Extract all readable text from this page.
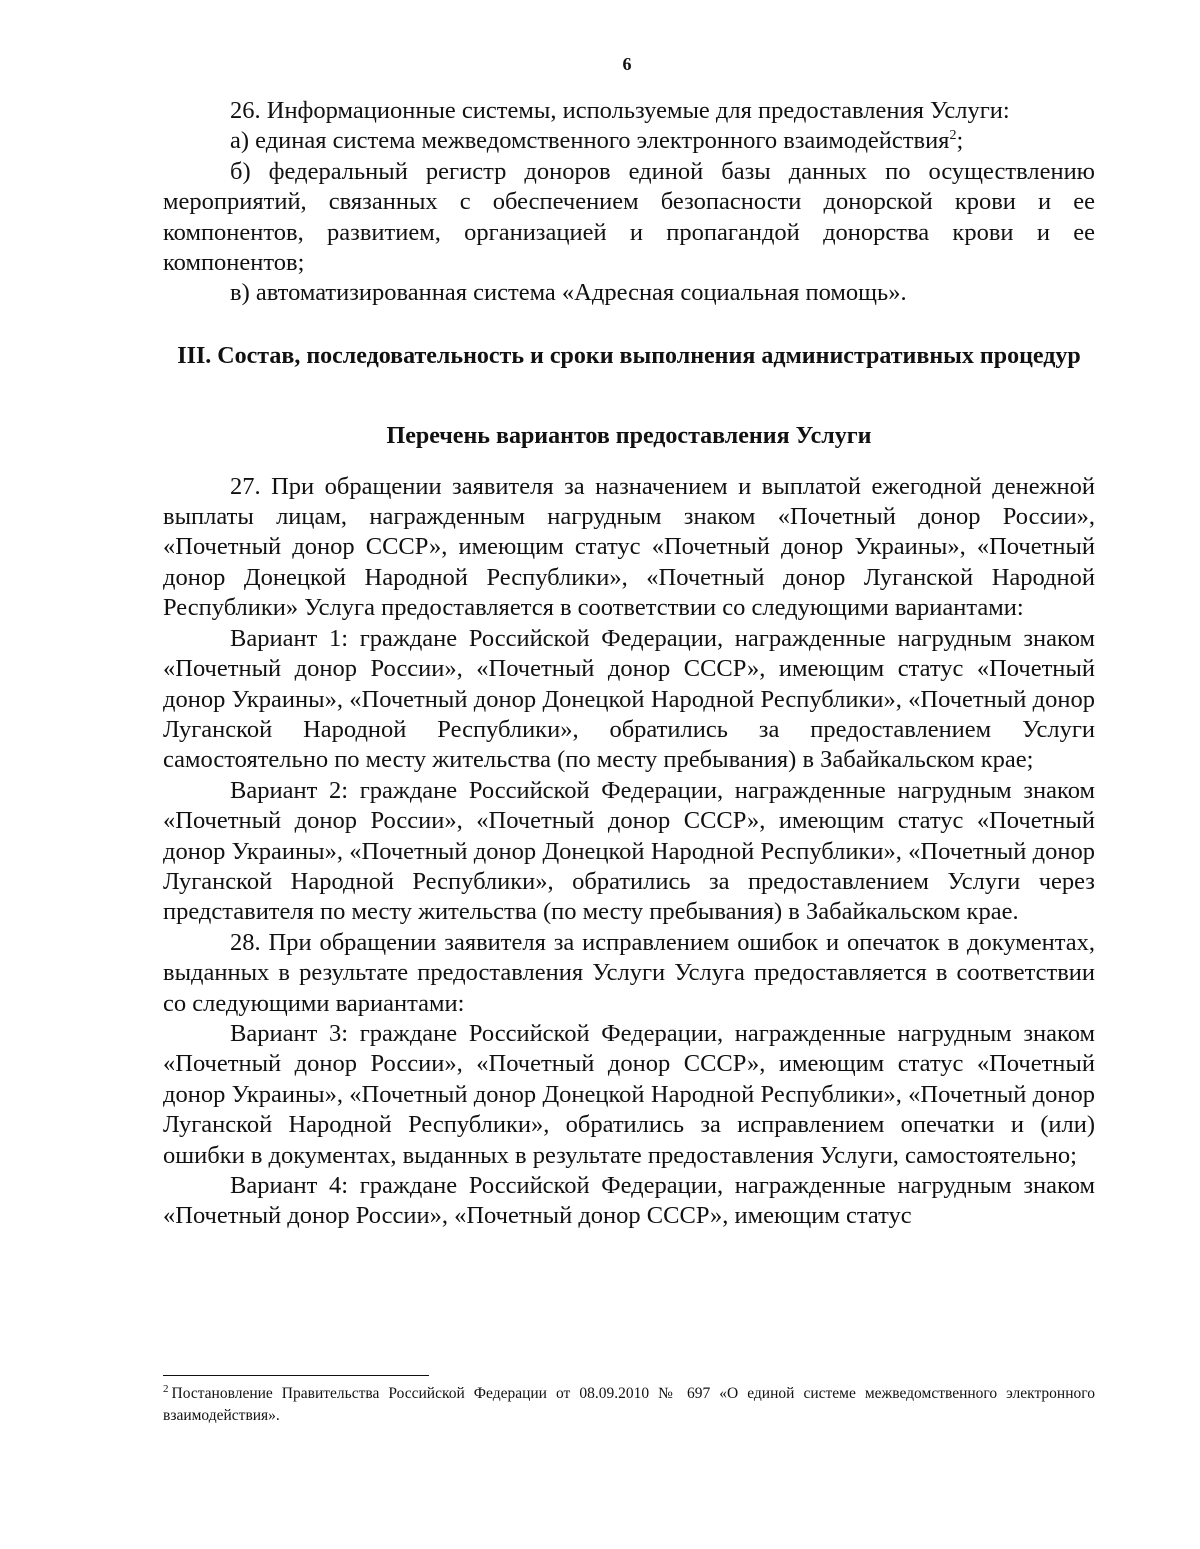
6

26. Информационные системы, используемые для предоставления Услуги:

а) единая система межведомственного электронного взаимодействия$^2$;

б) федеральный регистр доноров единой базы данных по осуществлению мероприятий, связанных с обеспечением безопасности донорской крови и ее компонентов, развитием, организацией и пропагандой донорства крови и ее компонентов;

в) автоматизированная система «Адресная социальная помощь».

III. Состав, последовательность и сроки выполнения административных процедур
Перечень вариантов предоставления Услуги

27. При обращении заявителя за назначением и выплатой ежегодной денежной выплаты лицам, награжденным нагрудным знаком «Почетный донор России», «Почетный донор СССР», имеющим статус «Почетный донор Украины», «Почетный донор Донецкой Народной Республики», «Почетный донор Луганской Народной Республики» Услуга предоставляется в соответствии со следующими вариантами:

Вариант 1: граждане Российской Федерации, награжденные нагрудным знаком «Почетный донор России», «Почетный донор СССР», имеющим статус «Почетный донор Украины», «Почетный донор Донецкой Народной Республики», «Почетный донор Луганской Народной Республики», обратились за предоставлением Услуги самостоятельно по месту жительства (по месту пребывания) в Забайкальском крае;

Вариант 2: граждане Российской Федерации, награжденные нагрудным знаком «Почетный донор России», «Почетный донор СССР», имеющим статус «Почетный донор Украины», «Почетный донор Донецкой Народной Республики», «Почетный донор Луганской Народной Республики», обратились за предоставлением Услуги через представителя по месту жительства (по месту пребывания) в Забайкальском крае.

28. При обращении заявителя за исправлением ошибок и опечаток в документах, выданных в результате предоставления Услуги Услуга предоставляется в соответствии со следующими вариантами:

Вариант 3: граждане Российской Федерации, награжденные нагрудным знаком «Почетный донор России», «Почетный донор СССР», имеющим статус «Почетный донор Украины», «Почетный донор Донецкой Народной Республики», «Почетный донор Луганской Народной Республики», обратились за исправлением опечатки и (или) ошибки в документах, выданных в результате предоставления Услуги, самостоятельно;

Вариант 4: граждане Российской Федерации, награжденные нагрудным знаком «Почетный донор России», «Почетный донор СССР», имеющим статус

$^2$ Постановление Правительства Российской Федерации от 08.09.2010 № 697 «О единой системе межведомственного электронного взаимодействия».
